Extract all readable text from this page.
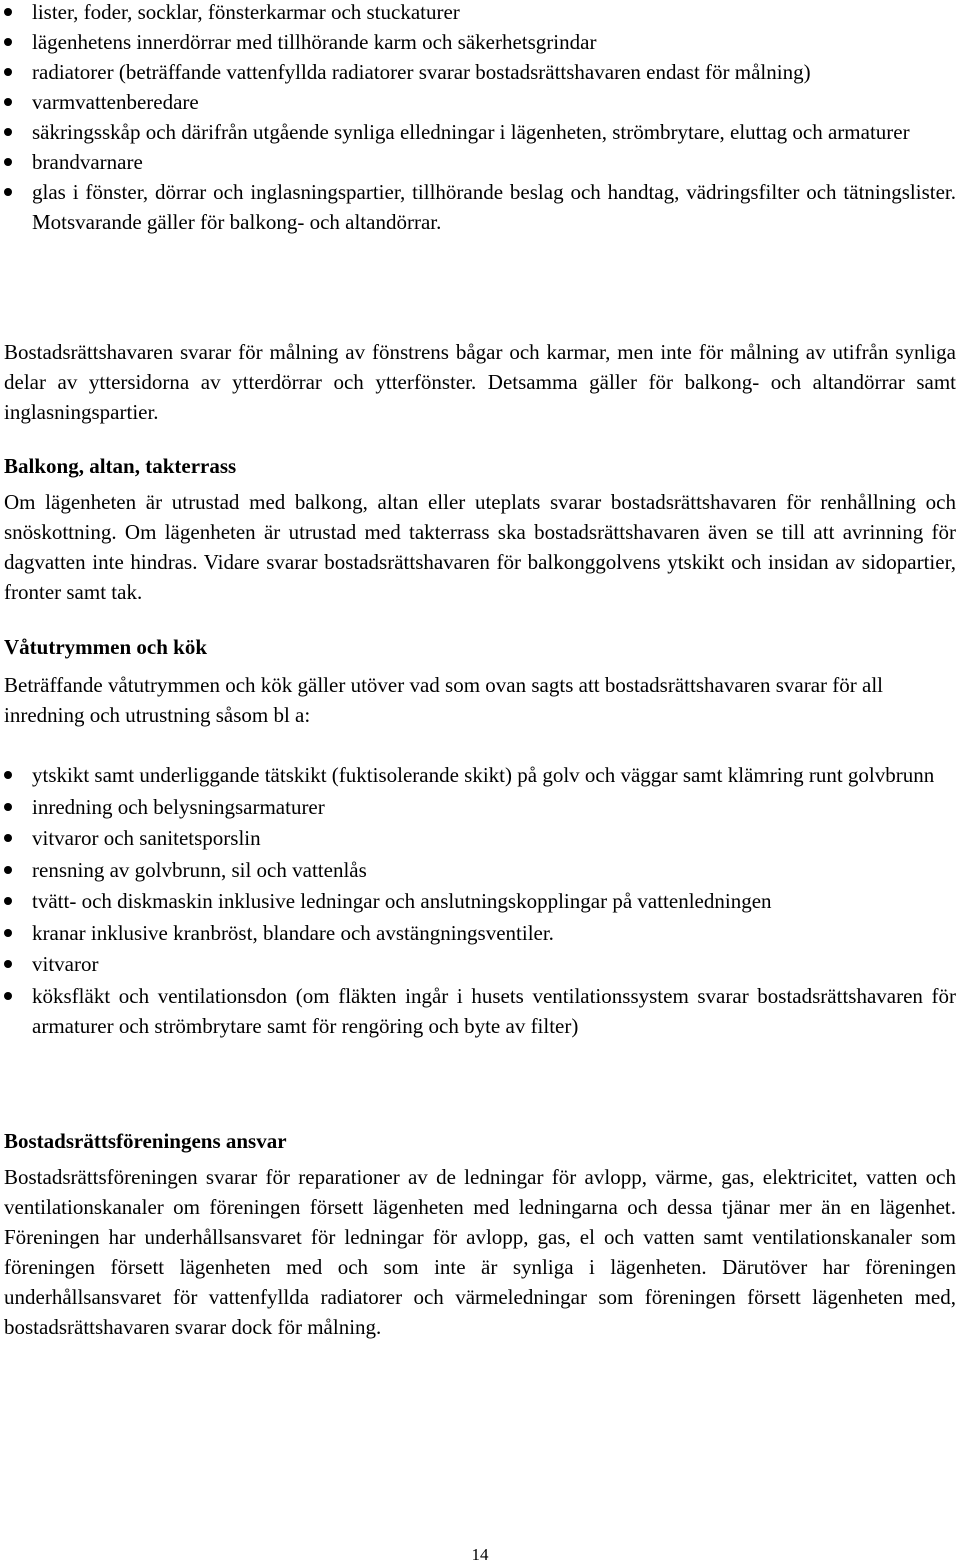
lister, foder, socklar, fönsterkarmar och stuckaturer
lägenhetens innerdörrar med tillhörande karm och säkerhetsgrindar
radiatorer (beträffande vattenfyllda radiatorer svarar bostadsrättshavaren endast för målning)
varmvattenberedare
säkringsskåp och därifrån utgående synliga elledningar i lägenheten, strömbrytare, eluttag och armaturer
brandvarnare
glas i fönster, dörrar och inglasningspartier, tillhörande beslag och handtag, vädringsfilter och tätningslister. Motsvarande gäller för balkong- och altandörrar.

Bostadsrättshavaren svarar för målning av fönstrens bågar och karmar, men inte för målning av utifrån synliga delar av yttersidorna av ytterdörrar och ytterfönster. Detsamma gäller för balkong- och altandörrar samt inglasningspartier.

Balkong, altan, takterrass

Om lägenheten är utrustad med balkong, altan eller uteplats svarar bostadsrättshavaren för renhållning och snöskottning. Om lägenheten är utrustad med takterrass ska bostadsrättshavaren även se till att avrinning för dagvatten inte hindras. Vidare svarar bostadsrättshavaren för balkonggolvens ytskikt och insidan av sidopartier, fronter samt tak.

Våtutrymmen och kök

Beträffande våtutrymmen och kök gäller utöver vad som ovan sagts att bostadsrättshavaren svarar för all inredning och utrustning såsom bl a:

ytskikt samt underliggande tätskikt (fuktisolerande skikt) på golv och väggar samt klämring runt golvbrunn
inredning och belysningsarmaturer
vitvaror och sanitetsporslin
rensning av golvbrunn, sil och vattenlås
tvätt- och diskmaskin inklusive ledningar och anslutningskopplingar på vattenledningen
kranar inklusive kranbröst, blandare och avstängningsventiler.
vitvaror
köksfläkt och ventilationsdon (om fläkten ingår i husets ventilationssystem svarar bostadsrättshavaren för armaturer och strömbrytare samt för rengöring och byte av filter)
Bostadsrättsföreningens ansvar

Bostadsrättsföreningen svarar för reparationer av de ledningar för avlopp, värme, gas, elektricitet, vatten och ventilationskanaler om föreningen försett lägenheten med ledningarna och dessa tjänar mer än en lägenhet. Föreningen har underhållsansvaret för ledningar för avlopp, gas, el och vatten samt ventilationskanaler som föreningen försett lägenheten med och som inte är synliga i lägenheten. Därutöver har föreningen underhållsansvaret för vattenfyllda radiatorer och värmeledningar som föreningen försett lägenheten med, bostadsrättshavaren svarar dock för målning.

14
